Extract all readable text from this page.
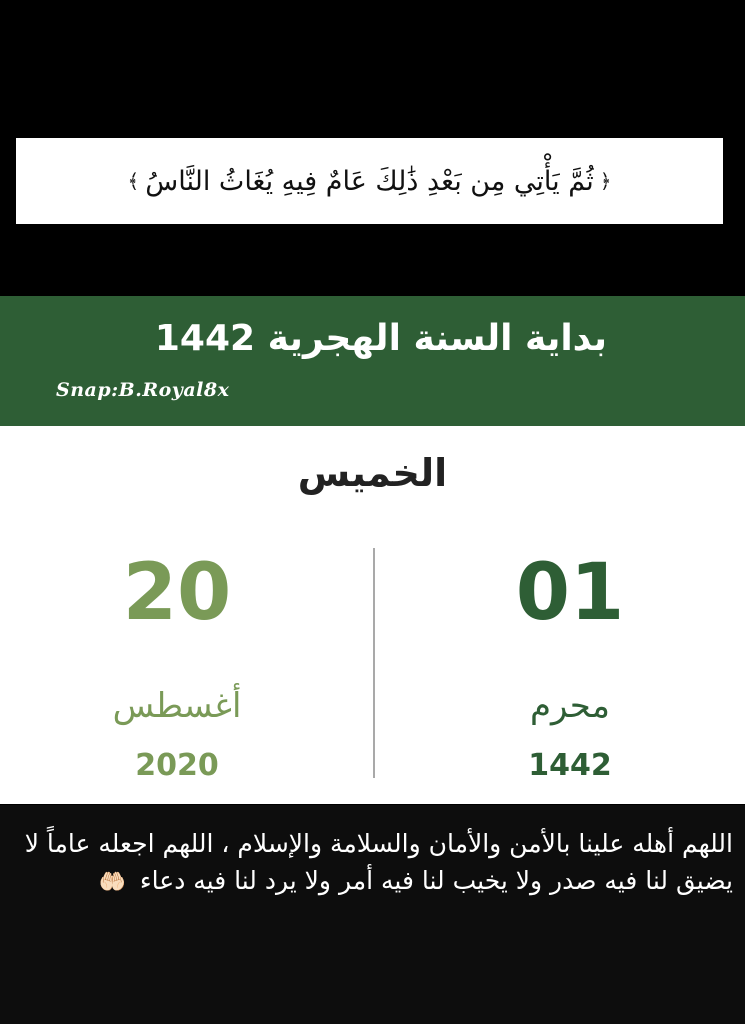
﴿
ثُمَّ يَأْتِي مِن بَعْدِ ذَٰلِكَ عَامٌ فِيهِ يُغَاثُ النَّاسُ
﴾
بداية السنة الهجرية 1442
Snap:B.Royal8x
الخميس
01
محرم
1442
20
أغسطس
2020
اللهم أهله علينا بالأمن والأمان والسلامة والإسلام ، اللهم اجعله عاماً لا يضيق لنا فيه صدر ولا يخيب لنا فيه أمر ولا يرد لنا فيه دعاء 🤲🏻
